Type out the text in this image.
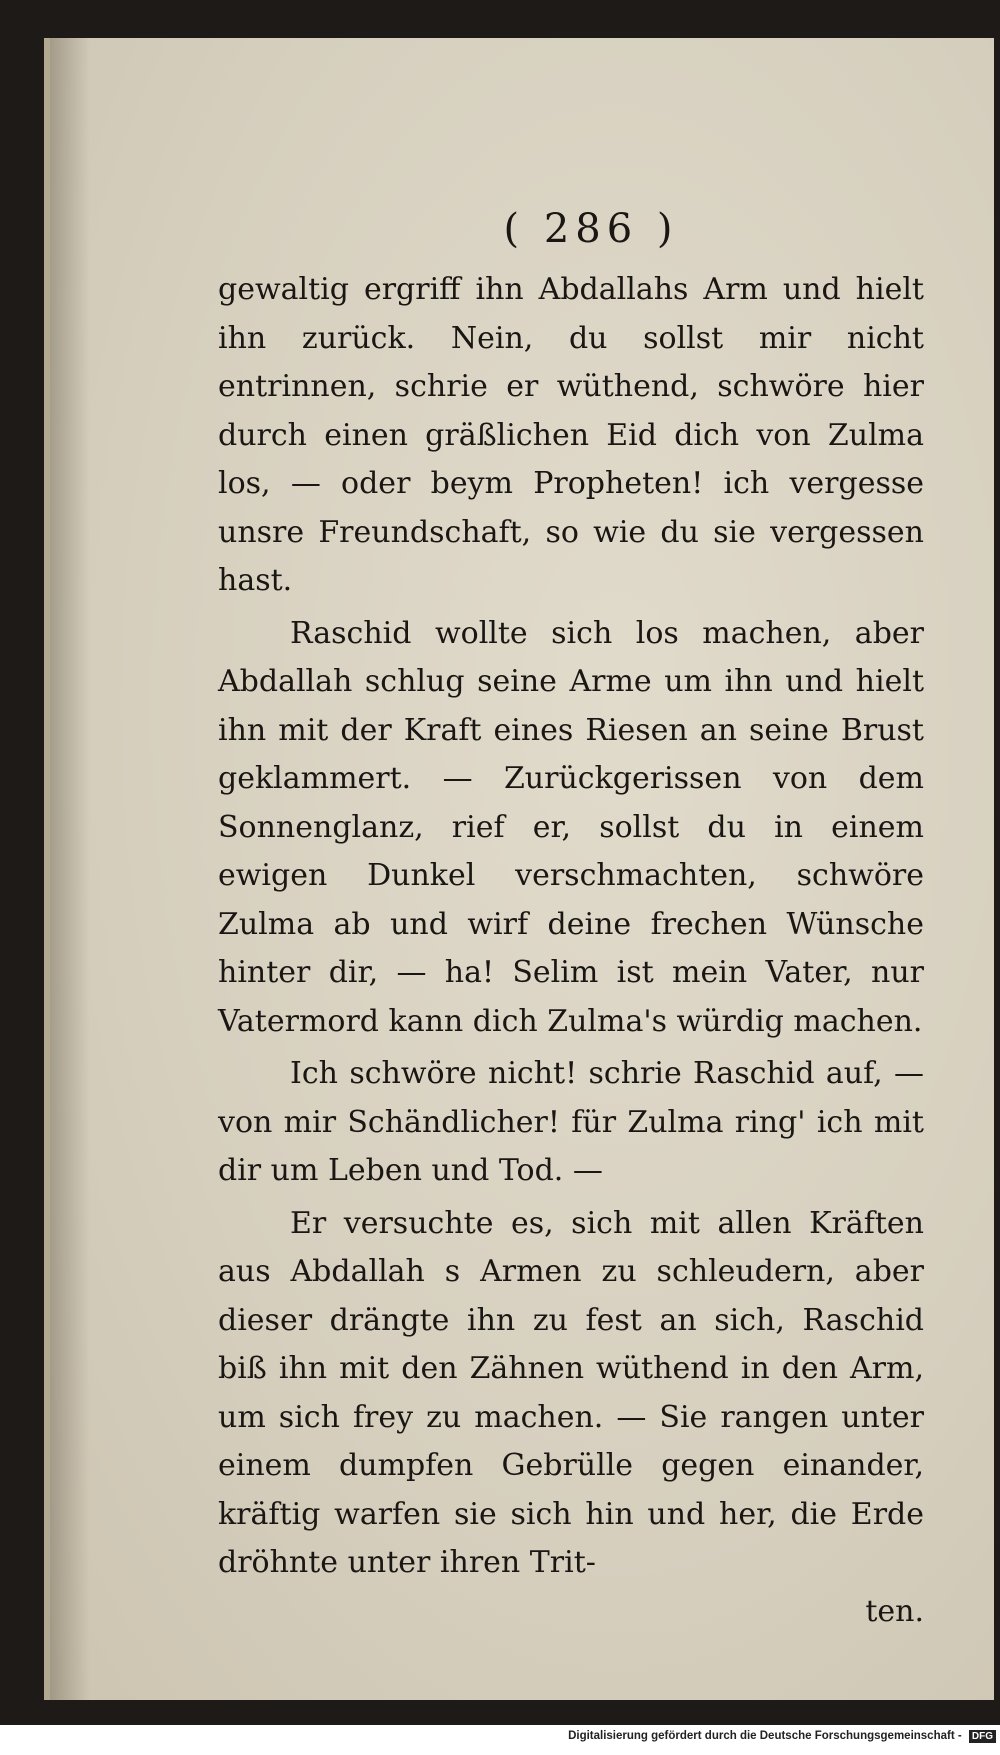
( 286 )

gewaltig ergriff ihn Abdallahs Arm und hielt ihn zurück. Nein, du sollst mir nicht entrinnen, schrie er wüthend, schwöre hier durch einen gräßlichen Eid dich von Zulma los, — oder beym Propheten! ich vergesse unsre Freundschaft, so wie du sie vergessen hast.

Raschid wollte sich los machen, aber Abdallah schlug seine Arme um ihn und hielt ihn mit der Kraft eines Riesen an seine Brust geklammert. — Zurückgerissen von dem Sonnenglanz, rief er, sollst du in einem ewigen Dunkel verschmachten, schwöre Zulma ab und wirf deine frechen Wünsche hinter dir, — ha! Selim ist mein Vater, nur Vatermord kann dich Zulma's würdig machen.

Ich schwöre nicht! schrie Raschid auf, — von mir Schändlicher! für Zulma ring' ich mit dir um Leben und Tod. —

Er versuchte es, sich mit allen Kräften aus Abdallah s Armen zu schleudern, aber dieser drängte ihn zu fest an sich, Raschid biß ihn mit den Zähnen wüthend in den Arm, um sich frey zu machen. — Sie rangen unter einem dumpfen Gebrülle gegen einander, kräftig warfen sie sich hin und her, die Erde dröhnte unter ihren Trit-

ten.

Digitalisierung gefördert durch die Deutsche Forschungsgemeinschaft - DFG
